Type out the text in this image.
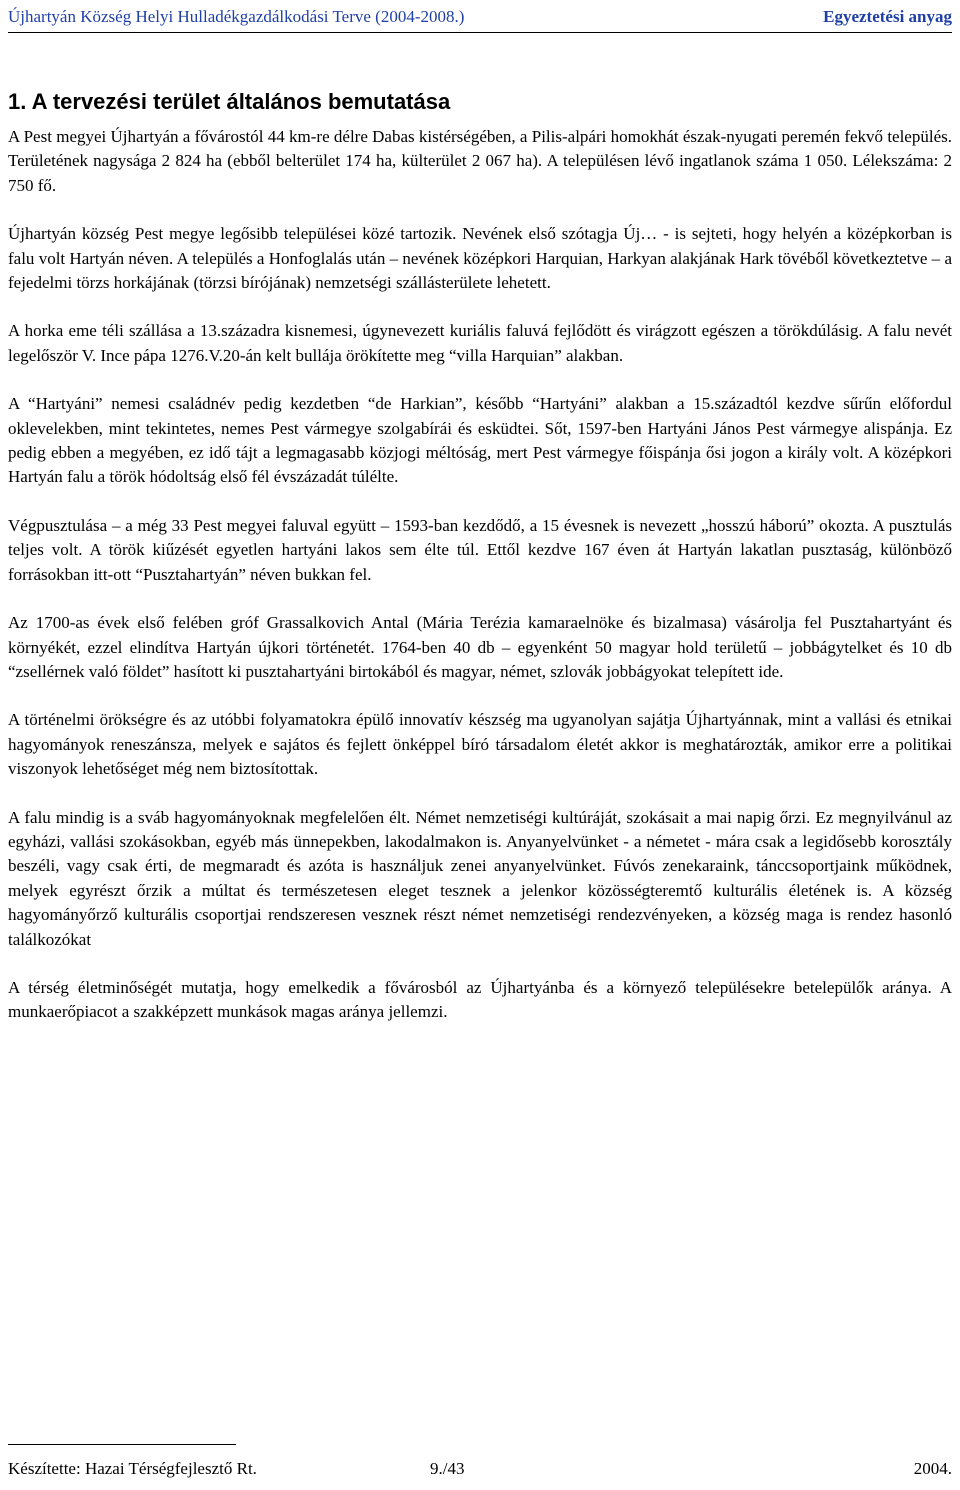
Újhartyán Község Helyi Hulladékgazdálkodási Terve (2004-2008.)	Egyeztetési anyag
1. A tervezési terület általános bemutatása

A Pest megyei Újhartyán a fővárostól 44 km-re délre Dabas kistérségében, a Pilis-alpári homokhát észak-nyugati peremén fekvő település. Területének nagysága 2 824 ha (ebből belterület 174 ha, külterület 2 067 ha). A településen lévő ingatlanok száma 1 050. Lélekszáma: 2 750 fő.

Újhartyán község Pest megye legősibb települései közé tartozik. Nevének első szótagja Új… - is sejteti, hogy helyén a középkorban is falu volt Hartyán néven. A település a Honfoglalás után – nevének középkori Harquian, Harkyan alakjának Hark tövéből következtetve – a fejedelmi törzs horkájának (törzsi bírójának) nemzetségi szállásterülete lehetett.

A horka eme téli szállása a 13.századra kisnemesi, úgynevezett kuriális faluvá fejlődött és virágzott egészen a törökdúlásig. A falu nevét legelőször V. Ince pápa 1276.V.20-án kelt bullája örökítette meg “villa Harquian” alakban.

A “Hartyáni” nemesi családnév pedig kezdetben “de Harkian”, később “Hartyáni” alakban a 15.századtól kezdve sűrűn előfordul oklevelekben, mint tekintetes, nemes Pest vármegye szolgabírái és esküdtei. Sőt, 1597-ben Hartyáni János Pest vármegye alispánja. Ez pedig ebben a megyében, ez idő tájt a legmagasabb közjogi méltóság, mert Pest vármegye főispánja ősi jogon a király volt. A középkori Hartyán falu a török hódoltság első fél évszázadát túlélte.

Végpusztulása – a még 33 Pest megyei faluval együtt – 1593-ban kezdődő, a 15 évesnek is nevezett „hosszú háború” okozta. A pusztulás teljes volt. A török kiűzését egyetlen hartyáni lakos sem élte túl. Ettől kezdve 167 éven át Hartyán lakatlan pusztaság, különböző forrásokban itt-ott “Pusztahartyán” néven bukkan fel.

Az 1700-as évek első felében gróf Grassalkovich Antal (Mária Terézia kamaraelnöke és bizalmasa) vásárolja fel Pusztahartyánt és környékét, ezzel elindítva Hartyán újkori történetét. 1764-ben 40 db – egyenként 50 magyar hold területű – jobbágytelket és 10 db “zsellérnek való földet” hasított ki pusztahartyáni birtokából és magyar, német, szlovák jobbágyokat telepített ide.

A történelmi örökségre és az utóbbi folyamatokra épülő innovatív készség ma ugyanolyan sajátja Újhartyánnak, mint a vallási és etnikai hagyományok reneszánsza, melyek e sajátos és fejlett önképpel bíró társadalom életét akkor is meghatározták, amikor erre a politikai viszonyok lehetőséget még nem biztosítottak.

A falu mindig is a sváb hagyományoknak megfelelően élt. Német nemzetiségi kultúráját, szokásait a mai napig őrzi. Ez megnyilvánul az egyházi, vallási szokásokban, egyéb más ünnepekben, lakodalmakon is. Anyanyelvünket - a németet - mára csak a legidősebb korosztály beszéli, vagy csak érti, de megmaradt és azóta is használjuk zenei anyanyelvünket. Fúvós zenekaraink, tánccsoportjaink működnek, melyek egyrészt őrzik a múltat és természetesen eleget tesznek a jelenkor közösségteremtő kulturális életének is. A község hagyományőrző kulturális csoportjai rendszeresen vesznek részt német nemzetiségi rendezvényeken, a község maga is rendez hasonló találkozókat

A térség életminőségét mutatja, hogy emelkedik a fővárosból az Újhartyánba és a környező településekre betelepülők aránya. A munkaerőpiacot a szakképzett munkások magas aránya jellemzi.

Készítette: Hazai Térségfejlesztő Rt.	9./43	2004.
